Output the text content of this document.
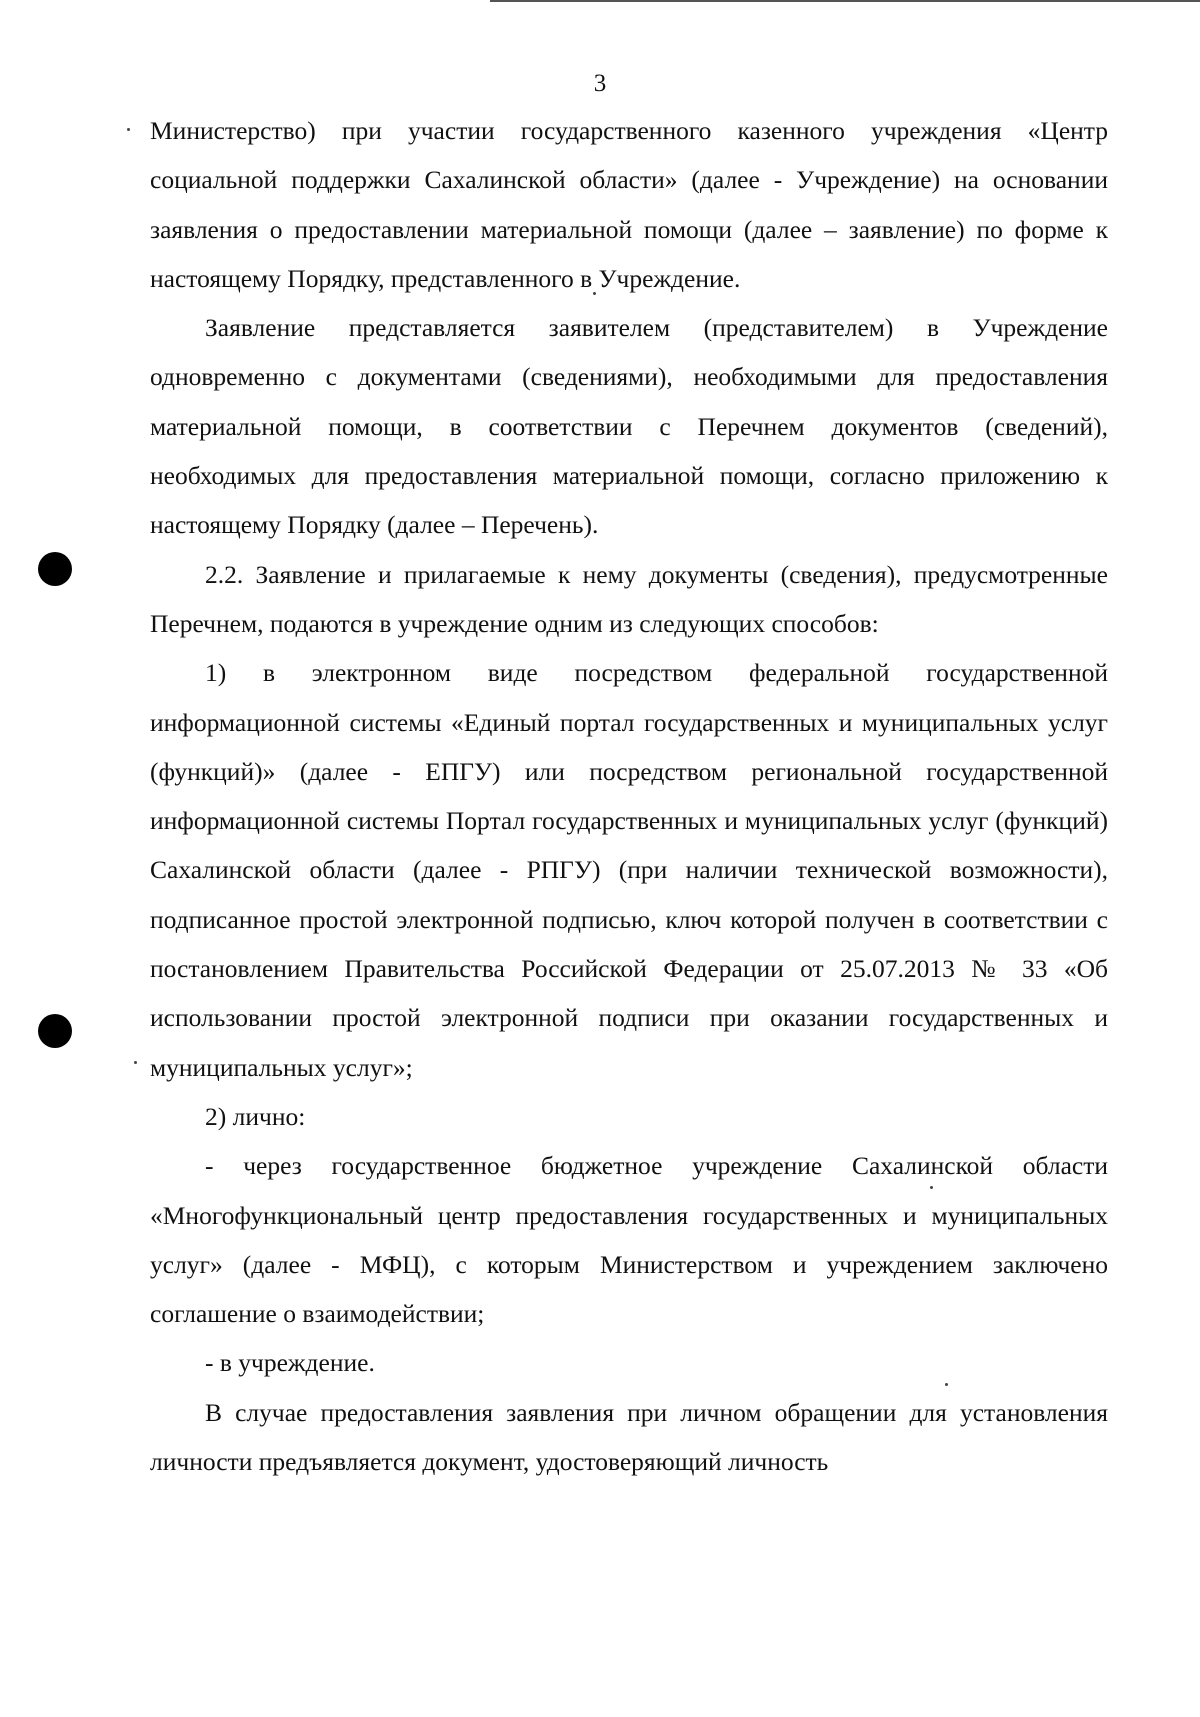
3

Министерство) при участии государственного казенного учреждения «Центр социальной поддержки Сахалинской области» (далее - Учреждение) на основании заявления о предоставлении материальной помощи (далее – заявление) по форме к настоящему Порядку, представленного в Учреждение.

Заявление представляется заявителем (представителем) в Учреждение одновременно с документами (сведениями), необходимыми для предоставления материальной помощи, в соответствии с Перечнем документов (сведений), необходимых для предоставления материальной помощи, согласно приложению к настоящему Порядку (далее – Перечень).

2.2. Заявление и прилагаемые к нему документы (сведения), предусмотренные Перечнем, подаются в учреждение одним из следующих способов:

1) в электронном виде посредством федеральной государственной информационной системы «Единый портал государственных и муниципальных услуг (функций)» (далее - ЕПГУ) или посредством региональной государственной информационной системы Портал государственных и муниципальных услуг (функций) Сахалинской области (далее - РПГУ) (при наличии технической возможности), подписанное простой электронной подписью, ключ которой получен в соответствии с постановлением Правительства Российской Федерации от 25.07.2013 № 33 «Об использовании простой электронной подписи при оказании государственных и муниципальных услуг»;

2) лично:

- через государственное бюджетное учреждение Сахалинской области «Многофункциональный центр предоставления государственных и муниципальных услуг» (далее - МФЦ), с которым Министерством и учреждением заключено соглашение о взаимодействии;

- в учреждение.

В случае предоставления заявления при личном обращении для установления личности предъявляется документ, удостоверяющий личность
